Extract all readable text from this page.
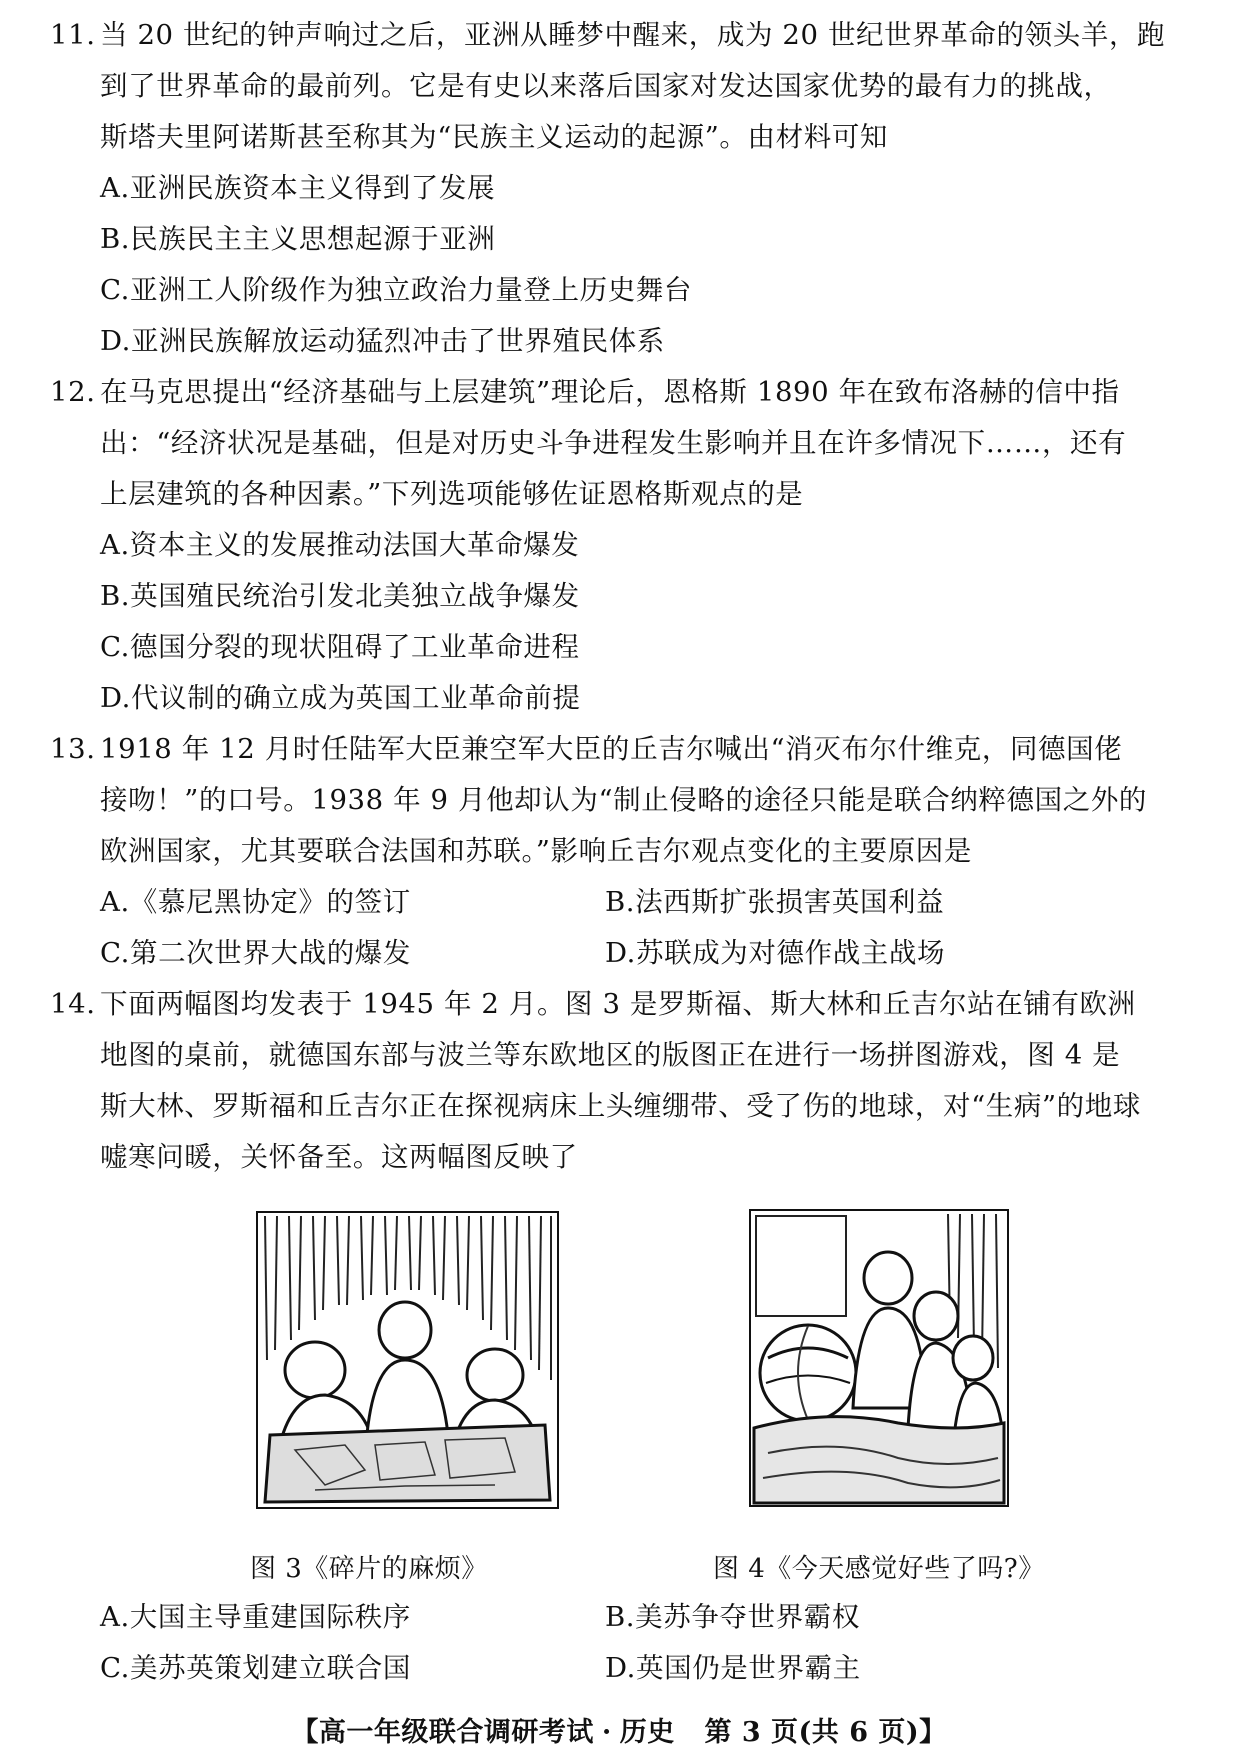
11. 当 20 世纪的钟声响过之后，亚洲从睡梦中醒来，成为 20 世纪世界革命的领头羊，跑
到了世界革命的最前列。它是有史以来落后国家对发达国家优势的最有力的挑战，
斯塔夫里阿诺斯甚至称其为“民族主义运动的起源”。由材料可知
A.亚洲民族资本主义得到了发展
B.民族民主主义思想起源于亚洲
C.亚洲工人阶级作为独立政治力量登上历史舞台
D.亚洲民族解放运动猛烈冲击了世界殖民体系
12. 在马克思提出“经济基础与上层建筑”理论后，恩格斯 1890 年在致布洛赫的信中指
出：“经济状况是基础，但是对历史斗争进程发生影响并且在许多情况下……，还有
上层建筑的各种因素。”下列选项能够佐证恩格斯观点的是
A.资本主义的发展推动法国大革命爆发
B.英国殖民统治引发北美独立战争爆发
C.德国分裂的现状阻碍了工业革命进程
D.代议制的确立成为英国工业革命前提
13. 1918 年 12 月时任陆军大臣兼空军大臣的丘吉尔喊出“消灭布尔什维克，同德国佬
接吻！”的口号。1938 年 9 月他却认为“制止侵略的途径只能是联合纳粹德国之外的
欧洲国家，尤其要联合法国和苏联。”影响丘吉尔观点变化的主要原因是
A.《慕尼黑协定》的签订	B.法西斯扩张损害英国利益
C.第二次世界大战的爆发	D.苏联成为对德作战主战场
14. 下面两幅图均发表于 1945 年 2 月。图 3 是罗斯福、斯大林和丘吉尔站在铺有欧洲
地图的桌前，就德国东部与波兰等东欧地区的版图正在进行一场拼图游戏，图 4 是
斯大林、罗斯福和丘吉尔正在探视病床上头缠绷带、受了伤的地球，对“生病”的地球
嘘寒问暖，关怀备至。这两幅图反映了
图 3《碎片的麻烦》	图 4《今天感觉好些了吗?》
A.大国主导重建国际秩序	B.美苏争夺世界霸权
C.美苏英策划建立联合国	D.英国仍是世界霸主
【高一年级联合调研考试 · 历史 第 3 页(共 6 页)】
